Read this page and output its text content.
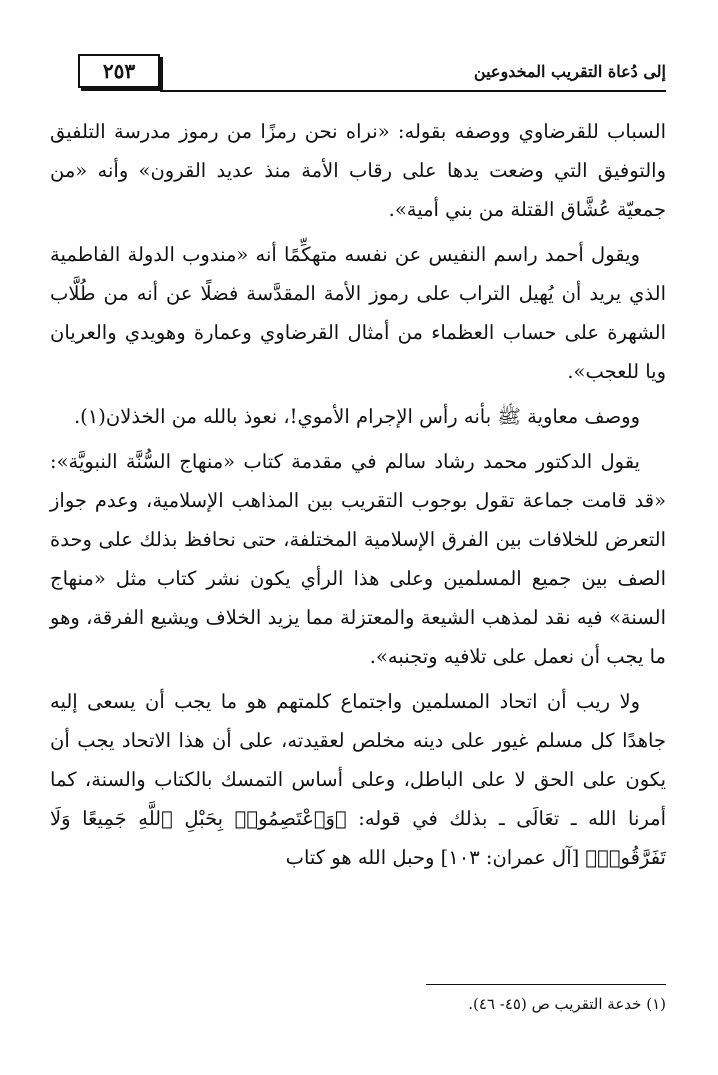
إلى دُعاة التقريب المخدوعين
٢٥٣

السباب للقرضاوي ووصفه بقوله: «نراه نحن رمزًا من رموز مدرسة التلفيق والتوفيق التي وضعت يدها على رقاب الأمة منذ عديد القرون» وأنه «من جمعيّة عُشَّاق القتلة من بني أمية».

ويقول أحمد راسم النفيس عن نفسه متهكِّمًا أنه «مندوب الدولة الفاطمية الذي يريد أن يُهيل التراب على رموز الأمة المقدَّسة فضلًا عن أنه من طُلَّاب الشهرة على حساب العظماء من أمثال القرضاوي وعمارة وهويدي والعريان ويا للعجب».

ووصف معاوية ﷺ بأنه رأس الإجرام الأموي!، نعوذ بالله من الخذلان(١).

يقول الدكتور محمد رشاد سالم في مقدمة كتاب «منهاج السُّنَّة النبويَّة»: «قد قامت جماعة تقول بوجوب التقريب بين المذاهب الإسلامية، وعدم جواز التعرض للخلافات بين الفرق الإسلامية المختلفة، حتى نحافظ بذلك على وحدة الصف بين جميع المسلمين وعلى هذا الرأي يكون نشر كتاب مثل «منهاج السنة» فيه نقد لمذهب الشيعة والمعتزلة مما يزيد الخلاف ويشيع الفرقة، وهو ما يجب أن نعمل على تلافيه وتجنبه».

ولا ريب أن اتحاد المسلمين واجتماع كلمتهم هو ما يجب أن يسعى إليه جاهدًا كل مسلم غيور على دينه مخلص لعقيدته، على أن هذا الاتحاد يجب أن يكون على الحق لا على الباطل، وعلى أساس التمسك بالكتاب والسنة، كما أمرنا الله ـ تعَالَى ـ بذلك في قوله: ﴿وَٱعْتَصِمُوا۟ بِحَبْلِ ٱللَّهِ جَمِيعًا وَلَا تَفَرَّقُوا۟﴾ [آل عمران: ١٠٣] وحبل الله هو كتاب

(١) خدعة التقريب ص (٤٥- ٤٦).
